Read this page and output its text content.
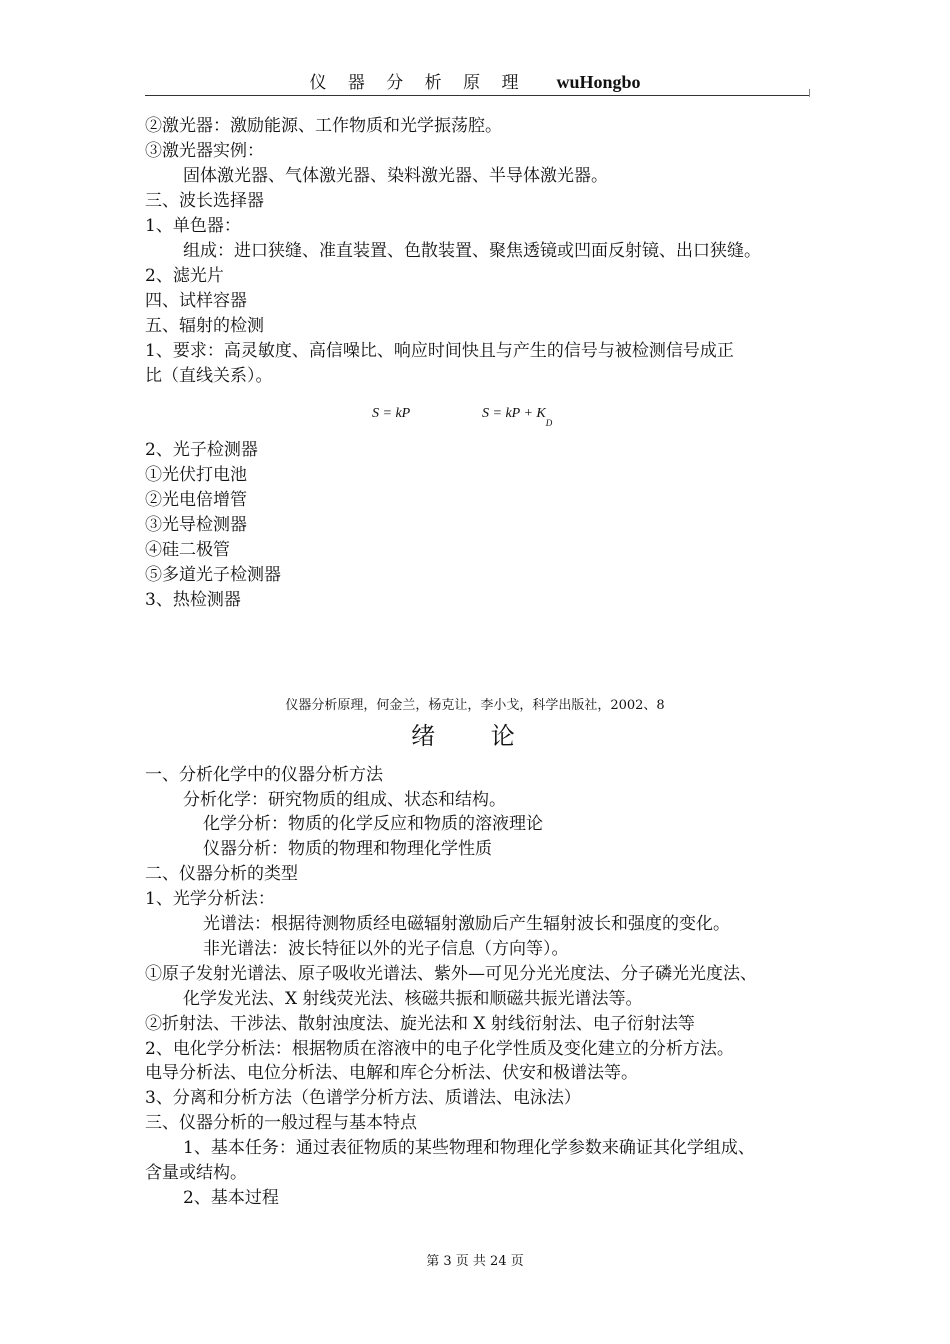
仪 器 分 析 原 理 wuHongbo
②激光器：激励能源、工作物质和光学振荡腔。
③激光器实例：
固体激光器、气体激光器、染料激光器、半导体激光器。
三、波长选择器
1、单色器：
组成：进口狭缝、准直装置、色散装置、聚焦透镜或凹面反射镜、出口狭缝。
2、滤光片
四、试样容器
五、辐射的检测
1、要求：高灵敏度、高信噪比、响应时间快且与产生的信号与被检测信号成正
比（直线关系）。
S = kP	S = kP + $K_D$
2、光子检测器
①光伏打电池
②光电倍增管
③光导检测器
④硅二极管
⑤多道光子检测器
3、热检测器
仪器分析原理，何金兰，杨克让，李小戈，科学出版社，2002、8
绪 论
一、分析化学中的仪器分析方法
分析化学：研究物质的组成、状态和结构。
化学分析：物质的化学反应和物质的溶液理论
仪器分析：物质的物理和物理化学性质
二、仪器分析的类型
1、光学分析法：
光谱法：根据待测物质经电磁辐射激励后产生辐射波长和强度的变化。
非光谱法：波长特征以外的光子信息（方向等）。
①原子发射光谱法、原子吸收光谱法、紫外—可见分光光度法、分子磷光光度法、
化学发光法、X 射线荧光法、核磁共振和顺磁共振光谱法等。
②折射法、干涉法、散射浊度法、旋光法和 X 射线衍射法、电子衍射法等
2、电化学分析法：根据物质在溶液中的电子化学性质及变化建立的分析方法。
电导分析法、电位分析法、电解和库仑分析法、伏安和极谱法等。
3、分离和分析方法（色谱学分析方法、质谱法、电泳法）
三、仪器分析的一般过程与基本特点
1、基本任务：通过表征物质的某些物理和物理化学参数来确证其化学组成、
含量或结构。
2、基本过程
第 3 页 共 24 页
